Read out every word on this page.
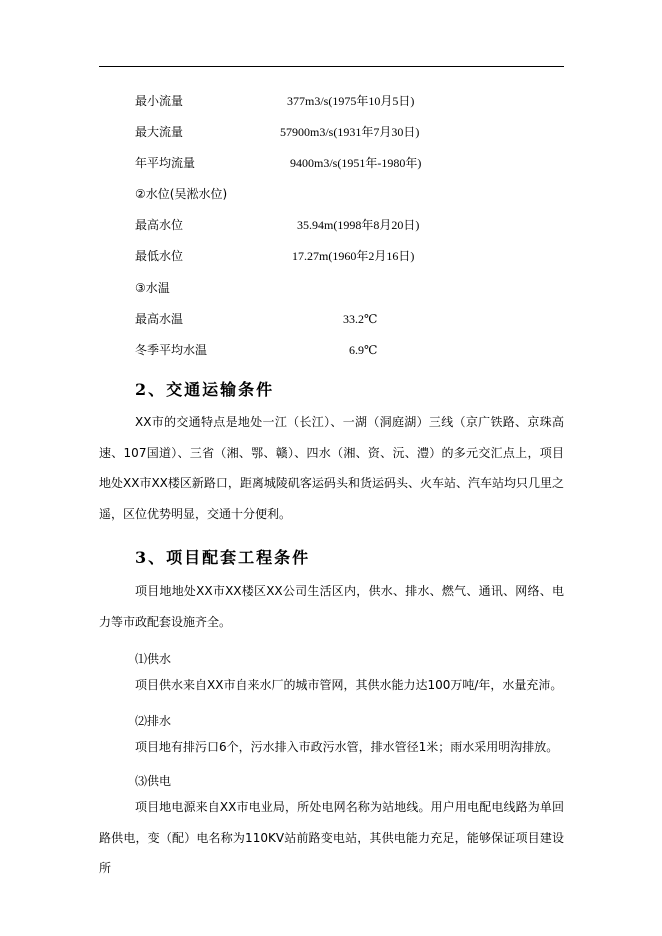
最小流量	377m3/s(1975年10月5日)
最大流量	57900m3/s(1931年7月30日)
年平均流量	9400m3/s(1951年-1980年)
②水位(吴淞水位)
最高水位	35.94m(1998年8月20日)
最低水位	17.27m(1960年2月16日)
③水温
最高水温	33.2℃
冬季平均水温	6.9℃
2、交通运输条件

XX市的交通特点是地处一江（长江）、一湖（洞庭湖）三线（京广铁路、京珠高速、107国道）、三省（湘、鄂、赣）、四水（湘、资、沅、澧）的多元交汇点上，项目地处XX市XX楼区新路口，距离城陵矶客运码头和货运码头、火车站、汽车站均只几里之遥，区位优势明显，交通十分便利。

3、项目配套工程条件

项目地地处XX市XX楼区XX公司生活区内，供水、排水、燃气、通讯、网络、电力等市政配套设施齐全。

⑴供水

项目供水来自XX市自来水厂的城市管网，其供水能力达100万吨/年，水量充沛。

⑵排水

项目地有排污口6个，污水排入市政污水管，排水管径1米；雨水采用明沟排放。

⑶供电

项目地电源来自XX市电业局，所处电网名称为站地线。用户用电配电线路为单回路供电，变（配）电名称为110KV站前路变电站，其供电能力充足，能够保证项目建设所
